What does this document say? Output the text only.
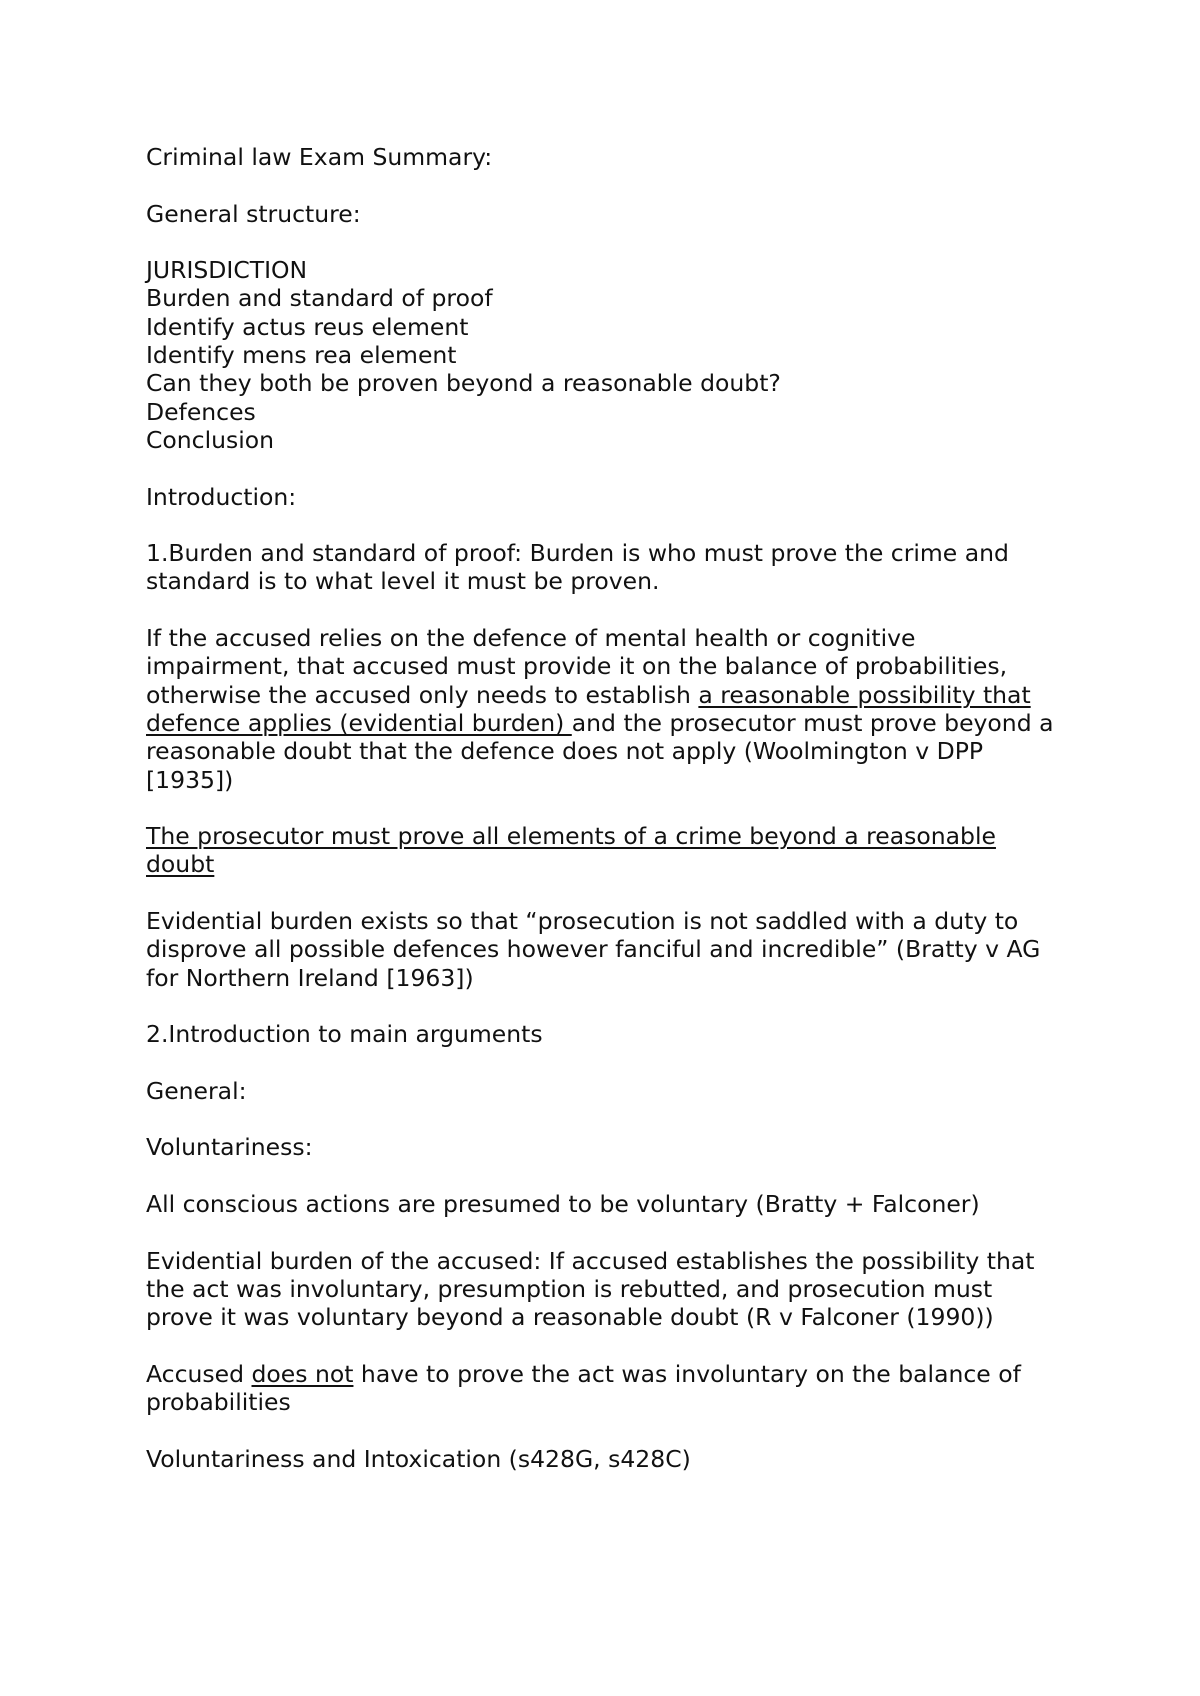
Criminal law Exam Summary:

General structure:

JURISDICTION

Burden and standard of proof

Identify actus reus element

Identify mens rea element

Can they both be proven beyond a reasonable doubt?

Defences

Conclusion

Introduction:

1.Burden and standard of proof: Burden is who must prove the crime and standard is to what level it must be proven.

If the accused relies on the defence of mental health or cognitive impairment, that accused must provide it on the balance of probabilities, otherwise the accused only needs to establish a reasonable possibility that defence applies (evidential burden) and the prosecutor must prove beyond a reasonable doubt that the defence does not apply (Woolmington v DPP [1935])

The prosecutor must prove all elements of a crime beyond a reasonable doubt

Evidential burden exists so that “prosecution is not saddled with a duty to disprove all possible defences however fanciful and incredible” (Bratty v AG for Northern Ireland [1963])

2.Introduction to main arguments

General:

Voluntariness:

All conscious actions are presumed to be voluntary (Bratty + Falconer)

Evidential burden of the accused: If accused establishes the possibility that the act was involuntary, presumption is rebutted, and prosecution must prove it was voluntary beyond a reasonable doubt (R v Falconer (1990))

Accused does not have to prove the act was involuntary on the balance of probabilities

Voluntariness and Intoxication (s428G, s428C)
